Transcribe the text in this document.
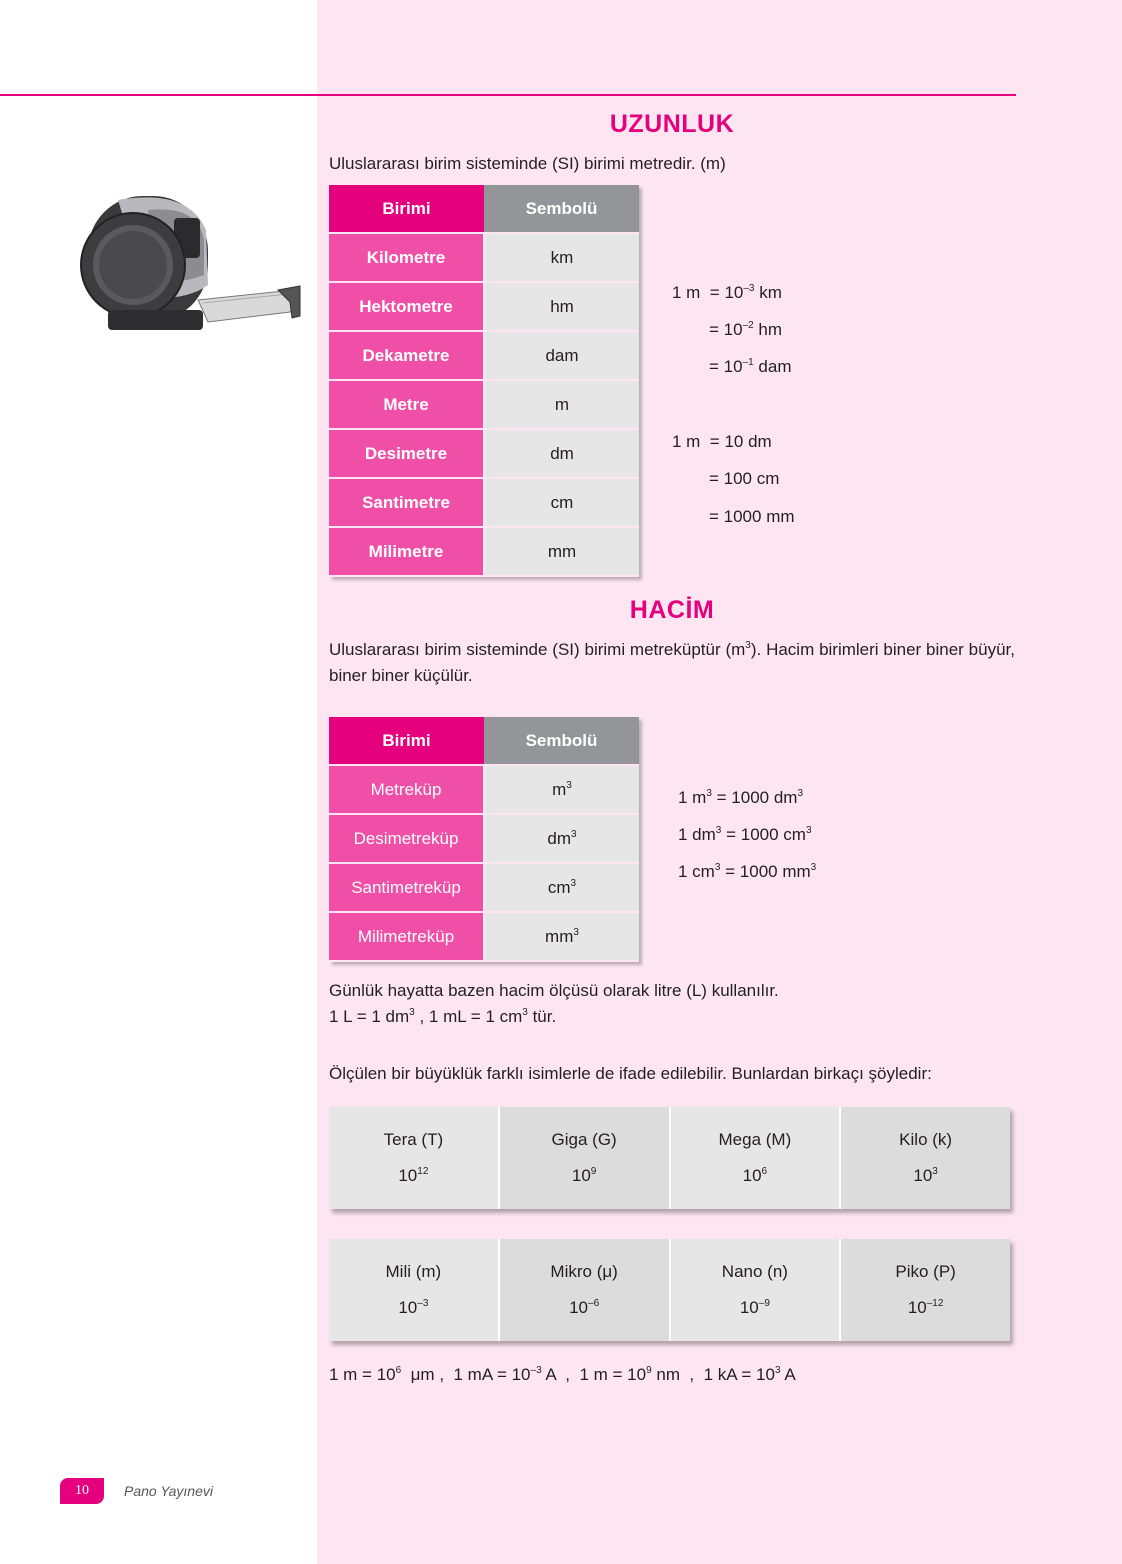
UZUNLUK
Uluslararası birim sisteminde (SI) birimi metredir. (m)
Birimi	Sembolü
Kilometre	km
Hektometre	hm
Dekametre	dam
Metre	m
Desimetre	dm
Santimetre	cm
Milimetre	mm
1 $m = 10^{-3}$ km
= $10^{-2}$ hm
= $10^{-1}$ dam
1 m = 10 dm
= 100 cm
= 1000 mm
HACİM
Uluslararası birim sisteminde (SI) birimi metreküptür $(m^3)$. Hacim birimleri biner biner büyür, biner biner küçülür.
Birimi	Sembolü
Metreküp	$m^3$
Desimetreküp	$dm^3$
Santimetreküp	$cm^3$
Milimetreküp	$mm^3$
1 $m^3 = 1000$ $dm^3$
1 $dm^3 = 1000$ $cm^3$
1 $cm^3 = 1000$ $mm^3$
Günlük hayatta bazen hacim ölçüsü olarak litre (L) kullanılır.
1 L = 1 $dm^3$ , 1 mL = 1 $cm^3$ tür.
Ölçülen bir büyüklük farklı isimlerle de ifade edilebilir. Bunlardan birkaçı şöyledir:
Tera (T)
$10^{12}$
Giga (G)
$10^9$
Mega (M)
$10^6$
Kilo (k)
$10^3$
Mili (m)
$10^{-3}$
Mikro (μ)
$10^{-6}$
Nano (n)
$10^{-9}$
Piko (P)
$10^{-12}$
1 $m = 10^6$  μm ,  1 mA = $10^{-3}$ A  ,  1 $m = 10^9$ nm  ,  1 kA = $10^3$ A
10	Pano Yayınevi
